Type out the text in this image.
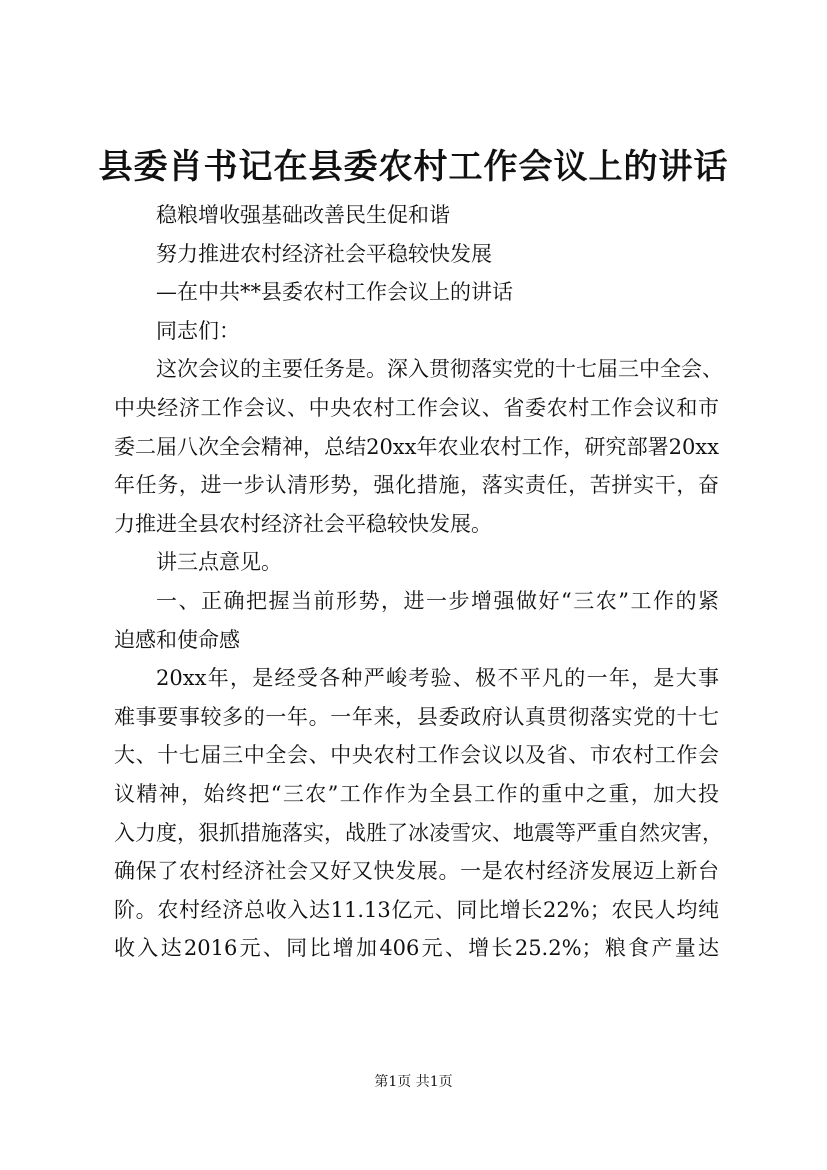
县委肖书记在县委农村工作会议上的讲话
稳粮增收强基础改善民生促和谐
努力推进农村经济社会平稳较快发展
—在中共**县委农村工作会议上的讲话
同志们：
这次会议的主要任务是。深入贯彻落实党的十七届三中全会、
中央经济工作会议、中央农村工作会议、省委农村工作会议和市
委二届八次全会精神，总结20xx年农业农村工作，研究部署20xx
年任务，进一步认清形势，强化措施，落实责任，苦拼实干，奋
力推进全县农村经济社会平稳较快发展。
讲三点意见。
一、正确把握当前形势，进一步增强做好“三农”工作的紧
迫感和使命感
20xx年，是经受各种严峻考验、极不平凡的一年，是大事
难事要事较多的一年。一年来，县委政府认真贯彻落实党的十七
大、十七届三中全会、中央农村工作会议以及省、市农村工作会
议精神，始终把“三农”工作作为全县工作的重中之重，加大投
入力度，狠抓措施落实，战胜了冰凌雪灾、地震等严重自然灾害，
确保了农村经济社会又好又快发展。一是农村经济发展迈上新台
阶。农村经济总收入达11.13亿元、同比增长22%；农民人均纯
收入达2016元、同比增加406元、增长25.2%；粮食产量达
第1页 共1页
